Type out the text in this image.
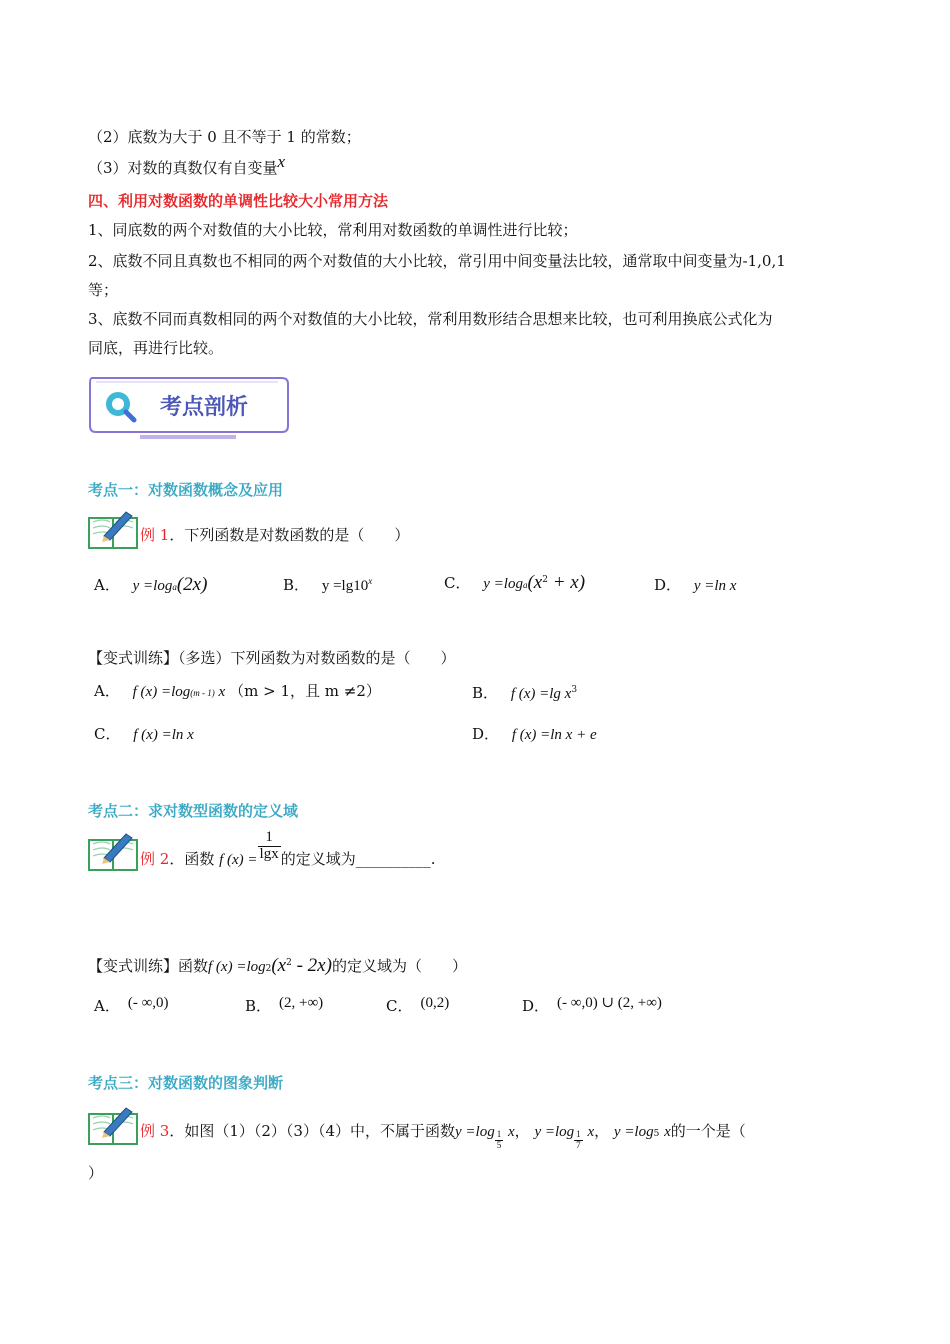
（2）底数为大于 0 且不等于 1 的常数；
（3）对数的真数仅有自变量x
四、利用对数函数的单调性比较大小常用方法
1、同底数的两个对数值的大小比较，常利用对数函数的单调性进行比较；
2、底数不同且真数也不相同的两个对数值的大小比较，常引用中间变量法比较，通常取中间变量为-1,0,1
等；
3、底数不同而真数相同的两个对数值的大小比较，常利用数形结合思想来比较，也可利用换底公式化为
同底，再进行比较。
考点剖析
考点一：对数函数概念及应用
例 1．下列函数是对数函数的是（　　）
A． y =loga(2x)	B． $y =\lg 10^x$	C． $y =\log a(x^2 + x)$	D． y =ln x
【变式训练】（多选）下列函数为对数函数的是（　　）
A． f (x) =log(m - 1) x （m > 1，且 m ≠2）	B． f (x) =lg $x^3$
C． f (x) =ln x	D． f (x) =ln x + e
考点二：求对数型函数的定义域
例 2．函数 f $(x) = \frac{1}{\lg x}$ 的定义域为__________.
【变式训练】函数f $(x) =\log 2(x^2 - 2x)$的定义域为（　　）
A． (- ∞,0)	B． (2, +∞)	C． (0,2)	D． (- ∞,0) ∪ (2, +∞)
考点三：对数函数的图象判断
例 3．如图（1）（2）（3）（4）中，不属于函数$y =\log \frac{1}{5}$ x， $y =\log \frac{1}{7}$ x， y =log5 x的一个是（
）
